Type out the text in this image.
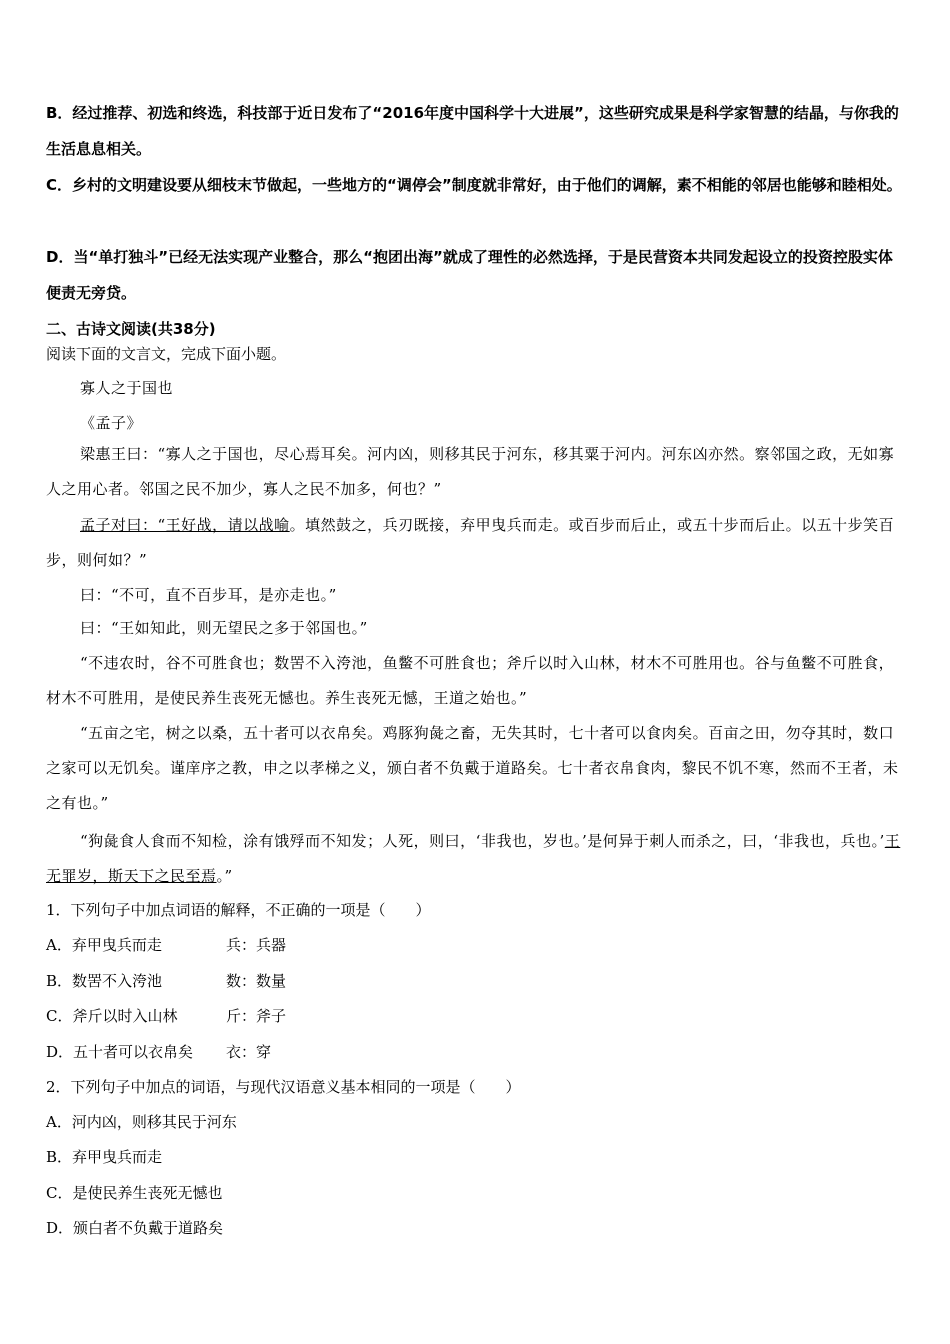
B．经过推荐、初选和终选，科技部于近日发布了“2016年度中国科学十大进展”，这些研究成果是科学家智慧的结晶，与你我的生活息息相关。

C．乡村的文明建设要从细枝末节做起，一些地方的“调停会”制度就非常好，由于他们的调解，素不相能的邻居也能够和睦相处。

D．当“单打独斗”已经无法实现产业整合，那么“抱团出海”就成了理性的必然选择，于是民营资本共同发起设立的投资控股实体便责无旁贷。

二、古诗文阅读(共38分)

阅读下面的文言文，完成下面小题。

寡人之于国也

《孟子》

梁惠王曰：“寡人之于国也，尽心焉耳矣。河内凶，则移其民于河东，移其粟于河内。河东凶亦然。察邻国之政，无如寡人之用心者。邻国之民不加少，寡人之民不加多，何也？”

孟子对曰：“王好战，请以战喻。填然鼓之，兵刃既接，弃甲曳兵而走。或百步而后止，或五十步而后止。以五十步笑百步，则何如？”

曰：“不可，直不百步耳，是亦走也。”

曰：“王如知此，则无望民之多于邻国也。”

“不违农时，谷不可胜食也；数罟不入洿池，鱼鳖不可胜食也；斧斤以时入山林，材木不可胜用也。谷与鱼鳖不可胜食，材木不可胜用，是使民养生丧死无憾也。养生丧死无憾，王道之始也。”

“五亩之宅，树之以桑，五十者可以衣帛矣。鸡豚狗彘之畜，无失其时，七十者可以食肉矣。百亩之田，勿夺其时，数口之家可以无饥矣。谨庠序之教，申之以孝梯之义，颁白者不负戴于道路矣。七十者衣帛食肉，黎民不饥不寒，然而不王者，未之有也。”

“狗彘食人食而不知检，涂有饿殍而不知发；人死，则曰，‘非我也，岁也。’是何异于刺人而杀之，曰，‘非我也，兵也。’王无罪岁，斯天下之民至焉。”

1．下列句子中加点词语的解释，不正确的一项是（　　）

A．弃甲曳兵而走	兵：兵器
B．数罟不入洿池	数：数量
C．斧斤以时入山林	斤：斧子
D．五十者可以衣帛矣 衣：穿

2．下列句子中加点的词语，与现代汉语意义基本相同的一项是（　　）

A．河内凶，则移其民于河东
B．弃甲曳兵而走
C．是使民养生丧死无憾也
D．颁白者不负戴于道路矣
